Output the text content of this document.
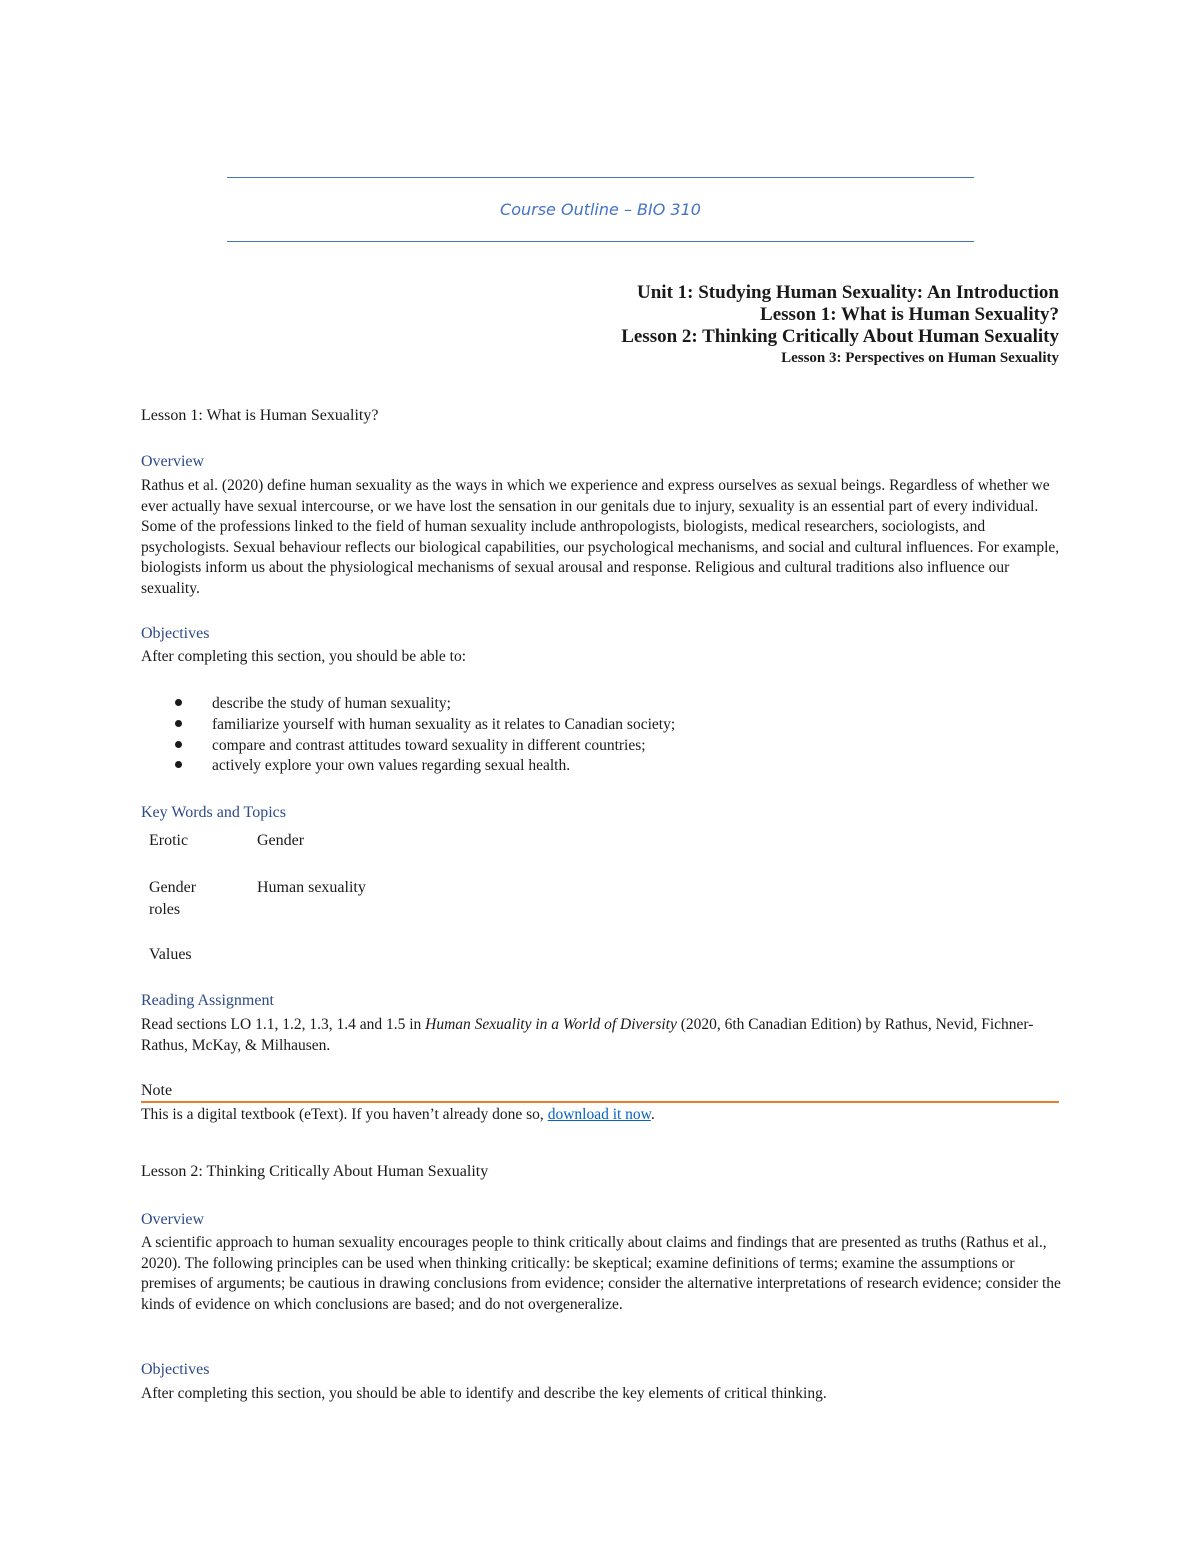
Course Outline – BIO 310
Unit 1: Studying Human Sexuality: An Introduction
Lesson 1: What is Human Sexuality?
Lesson 2: Thinking Critically About Human Sexuality
Lesson 3: Perspectives on Human Sexuality
Lesson 1: What is Human Sexuality?
Overview

Rathus et al. (2020) define human sexuality as the ways in which we experience and express ourselves as sexual beings. Regardless of whether we ever actually have sexual intercourse, or we have lost the sensation in our genitals due to injury, sexuality is an essential part of every individual. Some of the professions linked to the field of human sexuality include anthropologists, biologists, medical researchers, sociologists, and psychologists. Sexual behaviour reflects our biological capabilities, our psychological mechanisms, and social and cultural influences. For example, biologists inform us about the physiological mechanisms of sexual arousal and response. Religious and cultural traditions also influence our sexuality.

Objectives
After completing this section, you should be able to:
describe the study of human sexuality;
familiarize yourself with human sexuality as it relates to Canadian society;
compare and contrast attitudes toward sexuality in different countries;
actively explore your own values regarding sexual health.
Key Words and Topics
Erotic	Gender
Gender roles
Human sexuality
Values
Reading Assignment
Read sections LO 1.1, 1.2, 1.3, 1.4 and 1.5 in Human Sexuality in a World of Diversity (2020, 6th Canadian Edition) by Rathus, Nevid, Fichner-Rathus, McKay, & Milhausen.
Note
This is a digital textbook (eText). If you haven’t already done so, download it now.
Lesson 2: Thinking Critically About Human Sexuality
Overview

A scientific approach to human sexuality encourages people to think critically about claims and findings that are presented as truths (Rathus et al., 2020). The following principles can be used when thinking critically: be skeptical; examine definitions of terms; examine the assumptions or premises of arguments; be cautious in drawing conclusions from evidence; consider the alternative interpretations of research evidence; consider the kinds of evidence on which conclusions are based; and do not overgeneralize.

Objectives
After completing this section, you should be able to identify and describe the key elements of critical thinking.
